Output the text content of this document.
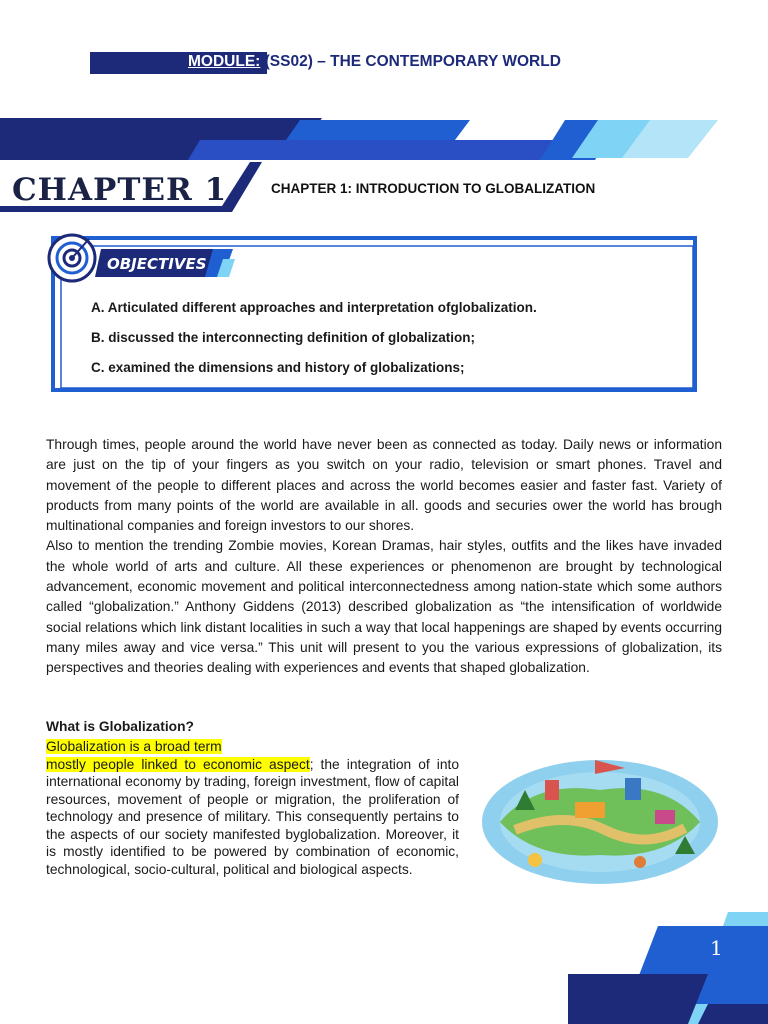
MODULE: (SS02) – THE CONTEMPORARY WORLD
CHAPTER 1	CHAPTER 1: INTRODUCTION TO GLOBALIZATION
OBJECTIVES
A. Articulated different approaches and interpretation ofglobalization.
B. discussed the interconnecting definition of globalization;
C. examined the dimensions and history of globalizations;

Through times, people around the world have never been as connected as today. Daily news or information are just on the tip of your fingers as you switch on your radio, television or smart phones. Travel and movement of the people to different places and across the world becomes easier and faster fast. Variety of products from many points of the world are available in all. goods and securies ower the world has brough multinational companies and foreign investors to our shores.

Also to mention the trending Zombie movies, Korean Dramas, hair styles, outfits and the likes have invaded the whole world of arts and culture. All these experiences or phenomenon are brought by technological advancement, economic movement and political interconnectedness among nation-state which some authors called “globalization.” Anthony Giddens (2013) described globalization as “the intensification of worldwide social relations which link distant localities in such a way that local happenings are shaped by events occurring many miles away and vice versa.” This unit will present to you the various expressions of globalization, its perspectives and theories dealing with experiences and events that shaped globalization.

What is Globalization?
Globalization is a broad term
mostly people linked to economic aspect; the integration of into international economy by trading, foreign investment, flow of capital resources, movement of people or migration, the proliferation of technology and presence of military. This consequently pertains to the aspects of our society manifested byglobalization. Moreover, it is mostly identified to be powered by combination of economic, technological, socio-cultural, political and biological aspects.
1
